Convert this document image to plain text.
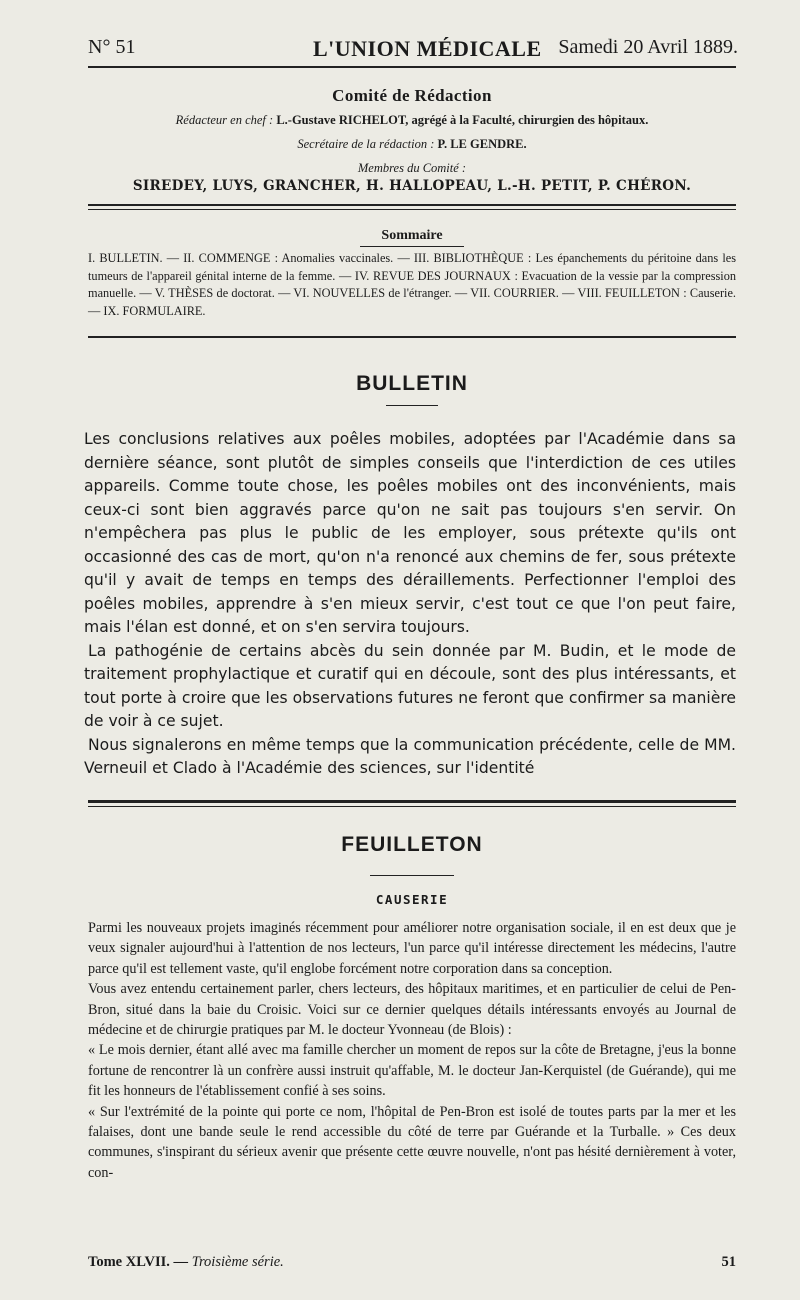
N° 51	L'UNION MÉDICALE Samedi 20 Avril 1889.
Comité de Rédaction
Rédacteur en chef : L.-Gustave RICHELOT, agrégé à la Faculté, chirurgien des hôpitaux.
Secrétaire de la rédaction : P. LE GENDRE.
Membres du Comité :
SIREDEY, LUYS, GRANCHER, H. HALLOPEAU, L.-H. PETIT, P. CHÉRON.
Sommaire
I. BULLETIN. — II. COMMENGE : Anomalies vaccinales. — III. BIBLIOTHÈQUE : Les épanchements du péritoine dans les tumeurs de l'appareil génital interne de la femme. — IV. REVUE DES JOURNAUX : Evacuation de la vessie par la compression manuelle. — V. THÈSES de doctorat. — VI. NOUVELLES de l'étranger. — VII. COURRIER. — VIII. FEUILLETON : Causerie. — IX. FORMULAIRE.
BULLETIN

Les conclusions relatives aux poêles mobiles, adoptées par l'Académie dans sa dernière séance, sont plutôt de simples conseils que l'interdiction de ces utiles appareils. Comme toute chose, les poêles mobiles ont des inconvénients, mais ceux-ci sont bien aggravés parce qu'on ne sait pas toujours s'en servir. On n'empêchera pas plus le public de les employer, sous prétexte qu'ils ont occasionné des cas de mort, qu'on n'a renoncé aux chemins de fer, sous prétexte qu'il y avait de temps en temps des déraillements. Perfectionner l'emploi des poêles mobiles, apprendre à s'en mieux servir, c'est tout ce que l'on peut faire, mais l'élan est donné, et on s'en servira toujours.

La pathogénie de certains abcès du sein donnée par M. Budin, et le mode de traitement prophylactique et curatif qui en découle, sont des plus intéressants, et tout porte à croire que les observations futures ne feront que confirmer sa manière de voir à ce sujet.

Nous signalerons en même temps que la communication précédente, celle de MM. Verneuil et Clado à l'Académie des sciences, sur l'identité

FEUILLETON
CAUSERIE

Parmi les nouveaux projets imaginés récemment pour améliorer notre organisation sociale, il en est deux que je veux signaler aujourd'hui à l'attention de nos lecteurs, l'un parce qu'il intéresse directement les médecins, l'autre parce qu'il est tellement vaste, qu'il englobe forcément notre corporation dans sa conception.

Vous avez entendu certainement parler, chers lecteurs, des hôpitaux maritimes, et en particulier de celui de Pen-Bron, situé dans la baie du Croisic. Voici sur ce dernier quelques détails intéressants envoyés au Journal de médecine et de chirurgie pratiques par M. le docteur Yvonneau (de Blois) :

« Le mois dernier, étant allé avec ma famille chercher un moment de repos sur la côte de Bretagne, j'eus la bonne fortune de rencontrer là un confrère aussi instruit qu'affable, M. le docteur Jan-Kerquistel (de Guérande), qui me fit les honneurs de l'établissement confié à ses soins.

« Sur l'extrémité de la pointe qui porte ce nom, l'hôpital de Pen-Bron est isolé de toutes parts par la mer et les falaises, dont une bande seule le rend accessible du côté de terre par Guérande et la Turballe. » Ces deux communes, s'inspirant du sérieux avenir que présente cette œuvre nouvelle, n'ont pas hésité dernièrement à voter, con-

Tome XLVII. — Troisième série.	51
